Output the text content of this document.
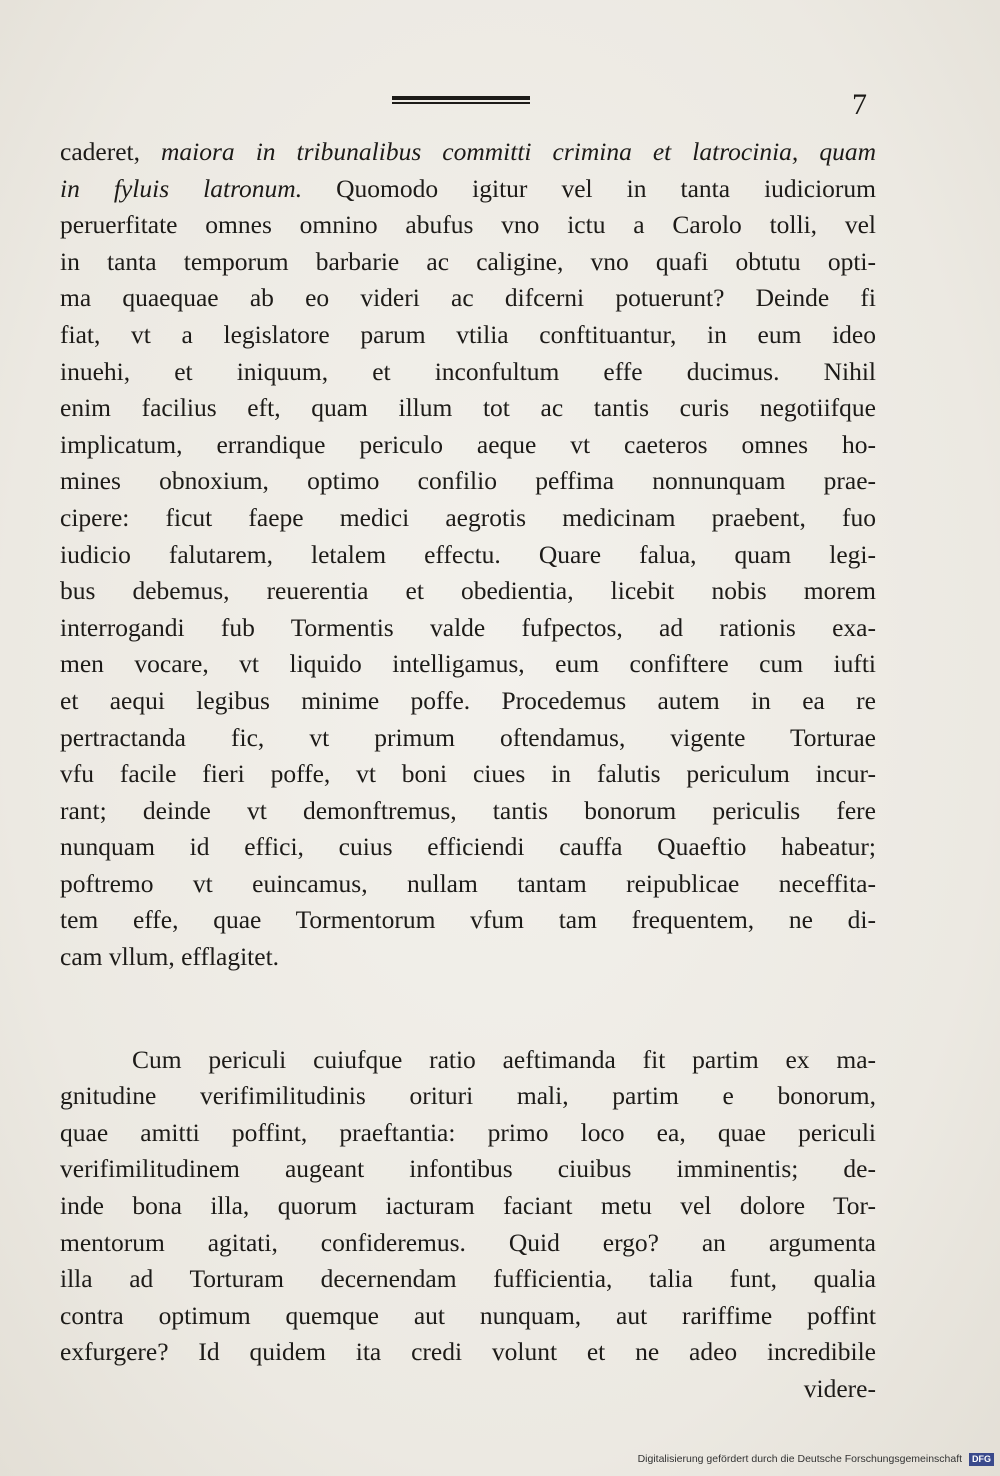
7
caderet, maiora in tribunalibus committi crimina et latrocinia, quam
in fyluis latronum. Quomodo igitur vel in tanta iudiciorum
peruerfitate omnes omnino abufus vno ictu a Carolo tolli, vel
in tanta temporum barbarie ac caligine, vno quafi obtutu opti-
ma quaequae ab eo videri ac difcerni potuerunt? Deinde fi
fiat, vt a legislatore parum vtilia conftituantur, in eum ideo
inuehi, et iniquum, et inconfultum effe ducimus. Nihil
enim facilius eft, quam illum tot ac tantis curis negotiifque
implicatum, errandique periculo aeque vt caeteros omnes ho-
mines obnoxium, optimo confilio peffima nonnunquam prae-
cipere: ficut faepe medici aegrotis medicinam praebent, fuo
iudicio falutarem, letalem effectu. Quare falua, quam legi-
bus debemus, reuerentia et obedientia, licebit nobis morem
interrogandi fub Tormentis valde fufpectos, ad rationis exa-
men vocare, vt liquido intelligamus, eum confiftere cum iufti
et aequi legibus minime poffe. Procedemus autem in ea re
pertractanda fic, vt primum oftendamus, vigente Torturae
vfu facile fieri poffe, vt boni ciues in falutis periculum incur-
rant; deinde vt demonftremus, tantis bonorum periculis fere
nunquam id effici, cuius efficiendi cauffa Quaeftio habeatur;
poftremo vt euincamus, nullam tantam reipublicae neceffita-
tem effe, quae Tormentorum vfum tam frequentem, ne di-
cam vllum, efflagitet.
Cum periculi cuiufque ratio aeftimanda fit partim ex ma-
gnitudine verifimilitudinis orituri mali, partim e bonorum,
quae amitti poffint, praeftantia: primo loco ea, quae periculi
verifimilitudinem augeant infontibus ciuibus imminentis; de-
inde bona illa, quorum iacturam faciant metu vel dolore Tor-
mentorum agitati, confideremus. Quid ergo? an argumenta
illa ad Torturam decernendam fufficientia, talia funt, qualia
contra optimum quemque aut nunquam, aut rariffime poffint
exfurgere? Id quidem ita credi volunt et ne adeo incredibile
videre-
Digitalisierung gefördert durch die Deutsche Forschungsgemeinschaft DFG
